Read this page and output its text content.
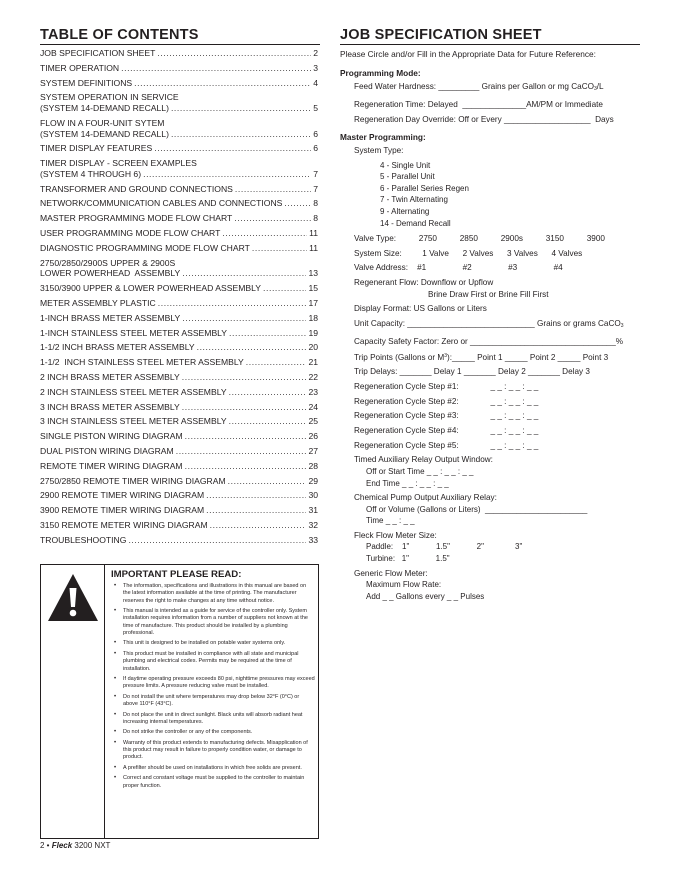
TABLE OF CONTENTS
JOB SPECIFICATION SHEET .....	2
TIMER OPERATION .....	3
SYSTEM DEFINITIONS .....	4
SYSTEM OPERATION IN SERVICE
(SYSTEM 14-DEMAND RECALL) .....	5
FLOW IN A FOUR-UNIT SYTEM
(SYSTEM 14-DEMAND RECALL) .....	6
TIMER DISPLAY FEATURES .....	6
TIMER DISPLAY - SCREEN EXAMPLES
(SYSTEM 4 THROUGH 6) .....	7
TRANSFORMER AND GROUND CONNECTIONS .....	7
NETWORK/COMMUNICATION CABLES AND CONNECTIONS .....	8
MASTER PROGRAMMING MODE FLOW CHART .....	8
USER PROGRAMMING MODE FLOW CHART .....	11
DIAGNOSTIC PROGRAMMING MODE FLOW CHART .....	11
2750/2850/2900S UPPER & 2900S
LOWER POWERHEAD  ASSEMBLY .....	13
3150/3900 UPPER & LOWER POWERHEAD ASSEMBLY .....	15
METER ASSEMBLY PLASTIC .....	17
1-INCH BRASS METER ASSEMBLY .....	18
1-INCH STAINLESS STEEL METER ASSEMBLY .....	19
1-1/2 INCH BRASS METER ASSEMBLY .....	20
1-1/2  INCH STAINLESS STEEL METER ASSEMBLY .....	21
2 INCH BRASS METER ASSEMBLY .....	22
2 INCH STAINLESS STEEL METER ASSEMBLY .....	23
3 INCH BRASS METER ASSEMBLY .....	24
3 INCH STAINLESS STEEL METER ASSEMBLY .....	25
SINGLE PISTON WIRING DIAGRAM .....	26
DUAL PISTON WIRING DIAGRAM .....	27
REMOTE TIMER WIRING DIAGRAM .....	28
2750/2850 REMOTE TIMER WIRING DIAGRAM .....	29
2900 REMOTE TIMER WIRING DIAGRAM .....	30
3900 REMOTE TIMER WIRING DIAGRAM .....	31
3150 REMOTE METER WIRING DIAGRAM .....	32
TROUBLESHOOTING .....	33
IMPORTANT PLEASE READ:
• The information, specifications and illustrations in this manual are based on the latest information available at the time of printing. The manufacturer reserves the right to make changes at any time without notice.
• This manual is intended as a guide for service of the controller only. System installation requires information from a number of suppliers not known at the time of manufacture. This product should be installed by a plumbing professional.
• This unit is designed to be installed on potable water systems only.
• This product must be installed in compliance with all state and municipal plumbing and electrical codes. Permits may be required at the time of installation.
• If daytime operating pressure exceeds 80 psi, nighttime pressures may exceed pressure limits. A pressure reducing valve must be installed.
• Do not install the unit where temperatures may drop below 32°F (0°C) or above 110°F (43°C).
• Do not place the unit in direct sunlight. Black units will absorb radiant heat increasing internal temperatures.
• Do not strike the controller or any of the components.
• Warranty of this product extends to manufacturing defects. Misapplication of this product may result in failure to properly condition water, or damage to product.
• A prefilter should be used on installations in which free solids are present.
• Correct and constant voltage must be supplied to the controller to maintain proper function.
2 • Fleck 3200 NXT
JOB SPECIFICATION SHEET
Please Circle and/or Fill in the Appropriate Data for Future Reference:
Programming Mode:
Feed Water Hardness: _________ Grains per Gallon or mg CaCO$_3$/L
Regeneration Time: Delayed  ______________AM/PM or Immediate
Regeneration Day Override: Off or Every ___________________  Days
Master Programming:
System Type:
4 - Single Unit
5 - Parallel Unit
6 - Parallel Series Regen
7 - Twin Alternating
9 - Alternating
14 - Demand Recall
Valve Type:          2750          2850          2900s          3150          3900
System Size:         1 Valve      2 Valves      3 Valves      4 Valves
Valve Address:    #1                #2                #3                #4
Regenerant Flow: Downflow or Upflow
Brine Draw First or Brine Fill First
Display Format: US Gallons or Liters
Unit Capacity: ____________________________ Grains or grams CaCO$_3$
Capacity Safety Factor: Zero or ________________________________%
Trip Points (Gallons or $M^3):\_\_\_\_\_$ Point 1 _____ Point 2 _____ Point 3
Trip Delays: _______ Delay 1 _______ Delay 2 _______ Delay 3
Regeneration Cycle Step #1:              _ _ : _ _ : _ _
Regeneration Cycle Step #2:              _ _ : _ _ : _ _
Regeneration Cycle Step #3:              _ _ : _ _ : _ _
Regeneration Cycle Step #4:              _ _ : _ _ : _ _
Regeneration Cycle Step #5:              _ _ : _ _ : _ _
Timed Auxiliary Relay Output Window:
Off or Start Time _ _ : _ _ : _ _
End Time _ _ : _ _ : _ _
Chemical Pump Output Auxiliary Relay:
Off or Volume (Gallons or Liters)  _______________________
Time _ _ : _ _
Fleck Flow Meter Size:
Paddle:    1"            1.5"            2"              3"
Turbine:   1"            1.5"
Generic Flow Meter:
Maximum Flow Rate:
Add _ _ Gallons every _ _ Pulses
